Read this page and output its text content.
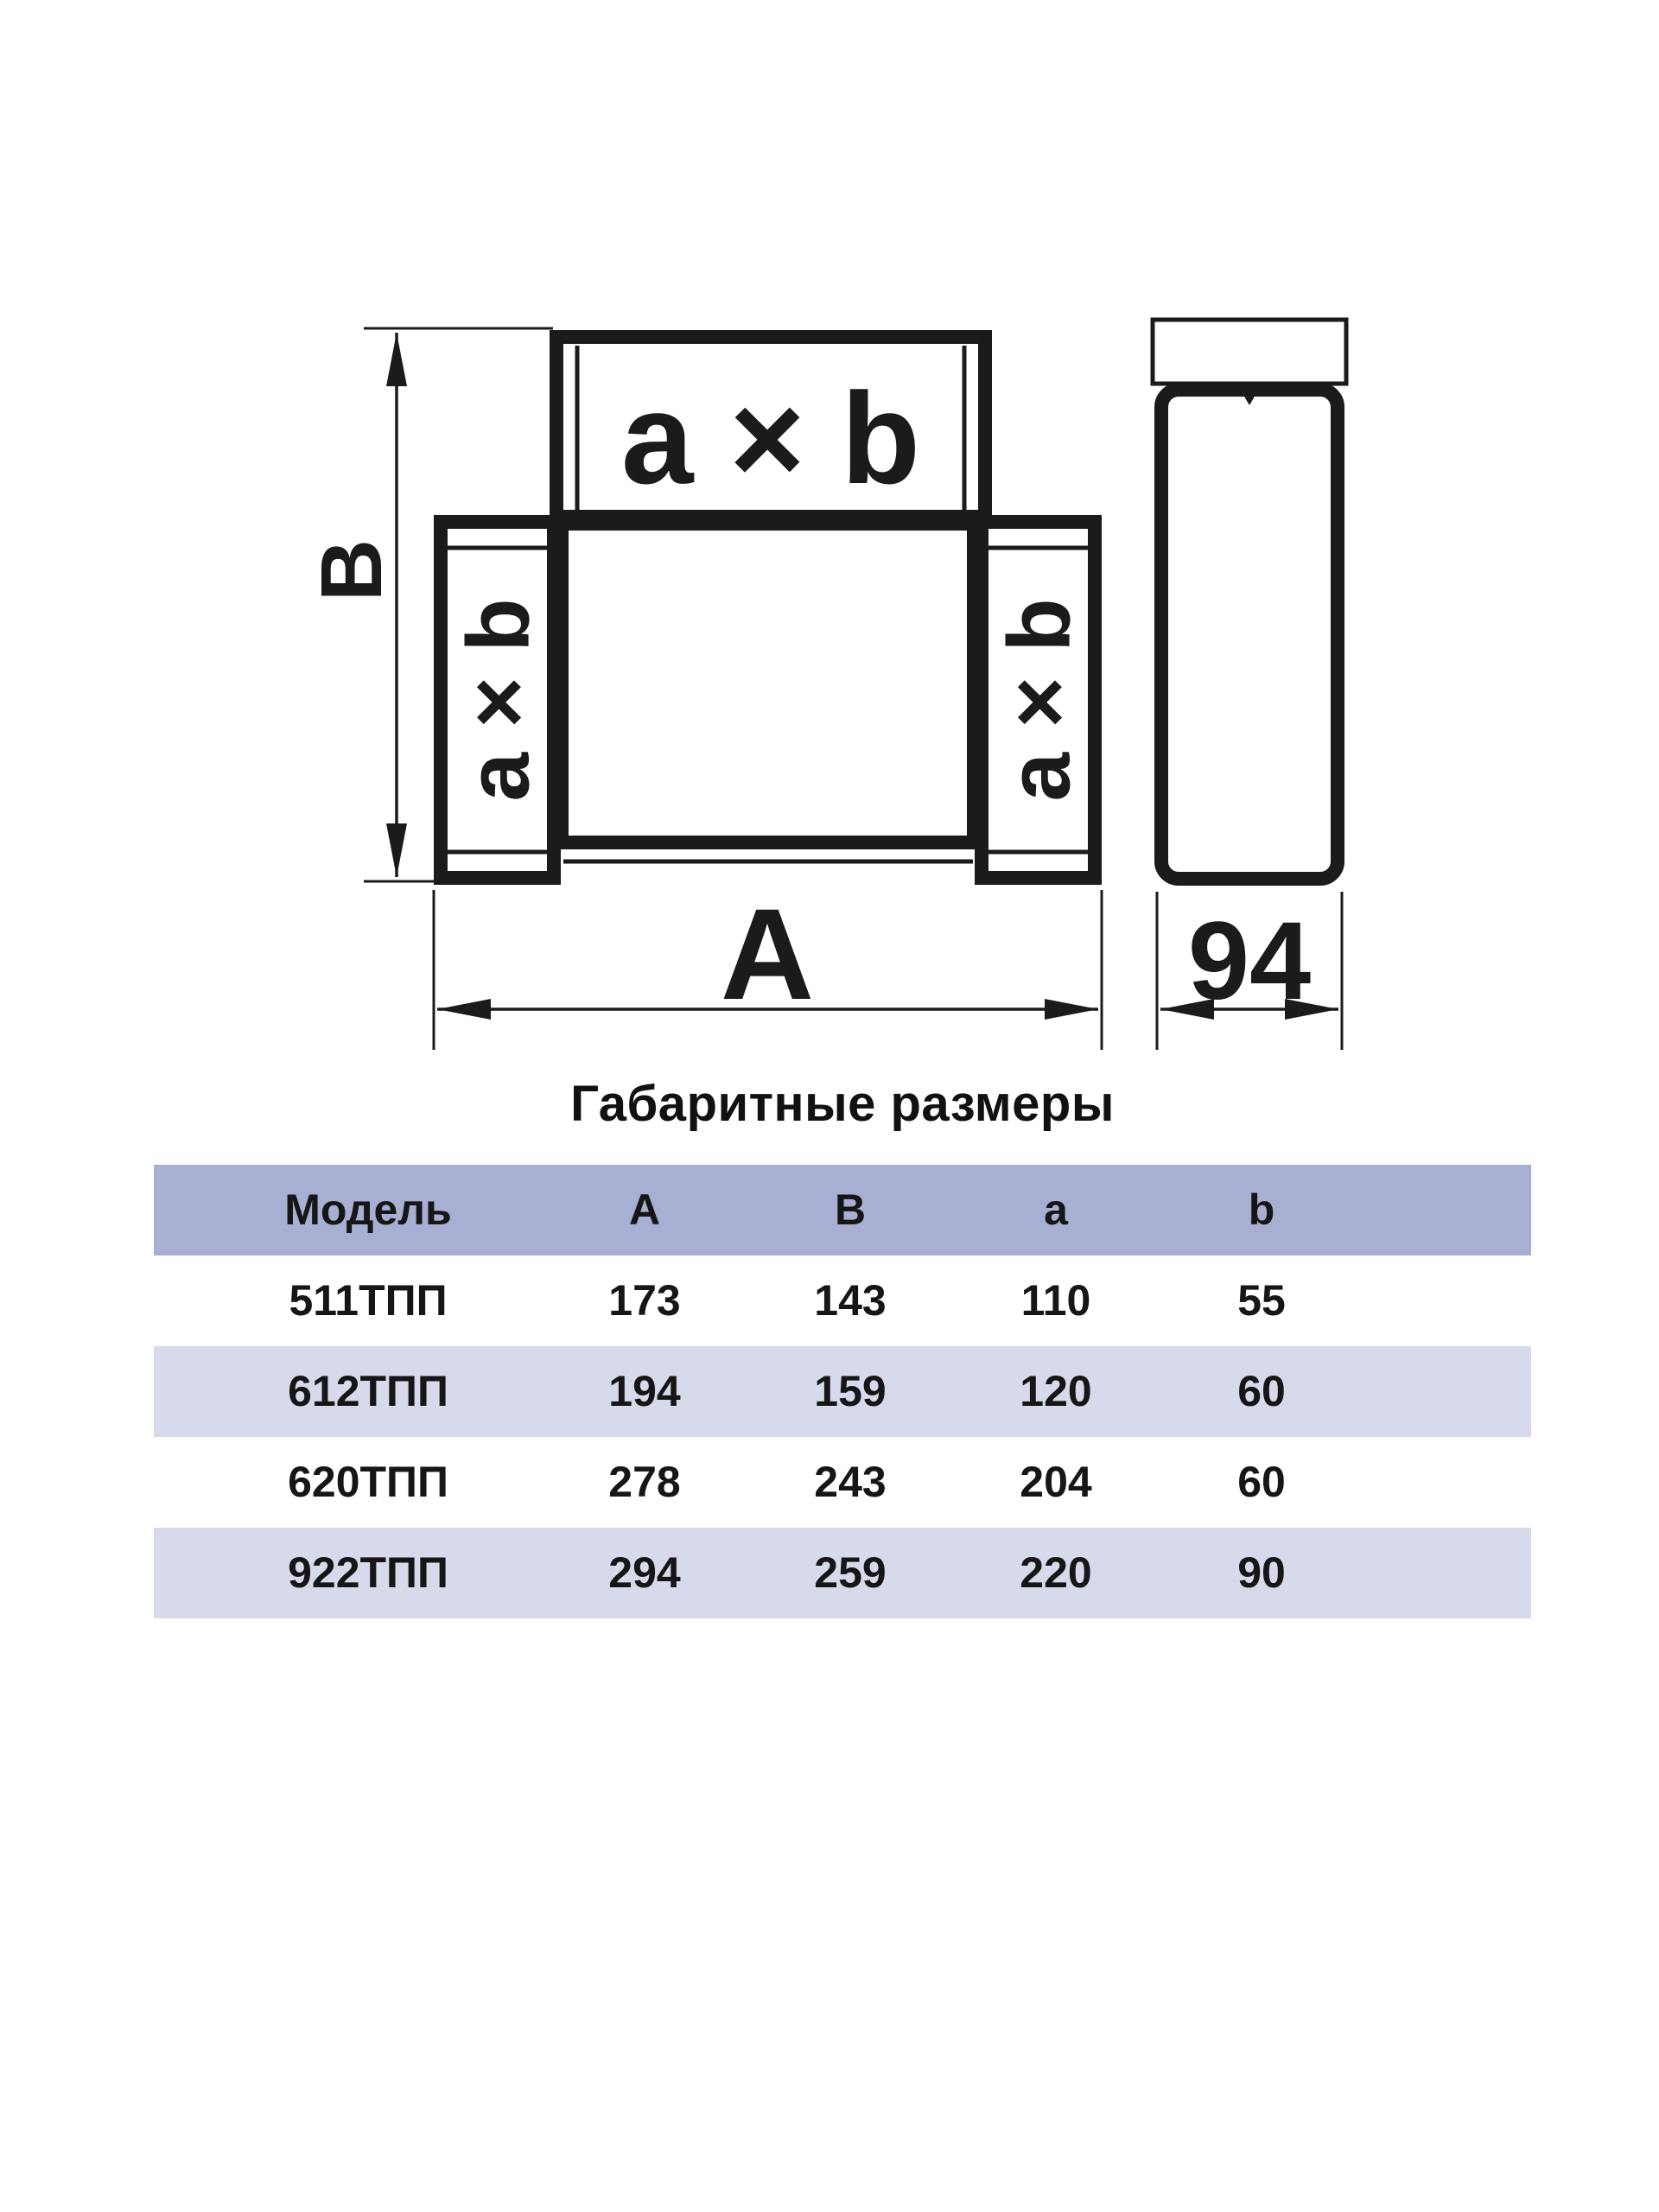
a × b
a × b	a × b
B
A	94
Габаритные размеры
Модель	A	B	a	b
511ТПП	173	143	110	55
612ТПП	194	159	120	60
620ТПП	278	243	204	60
922ТПП	294	259	220	90
